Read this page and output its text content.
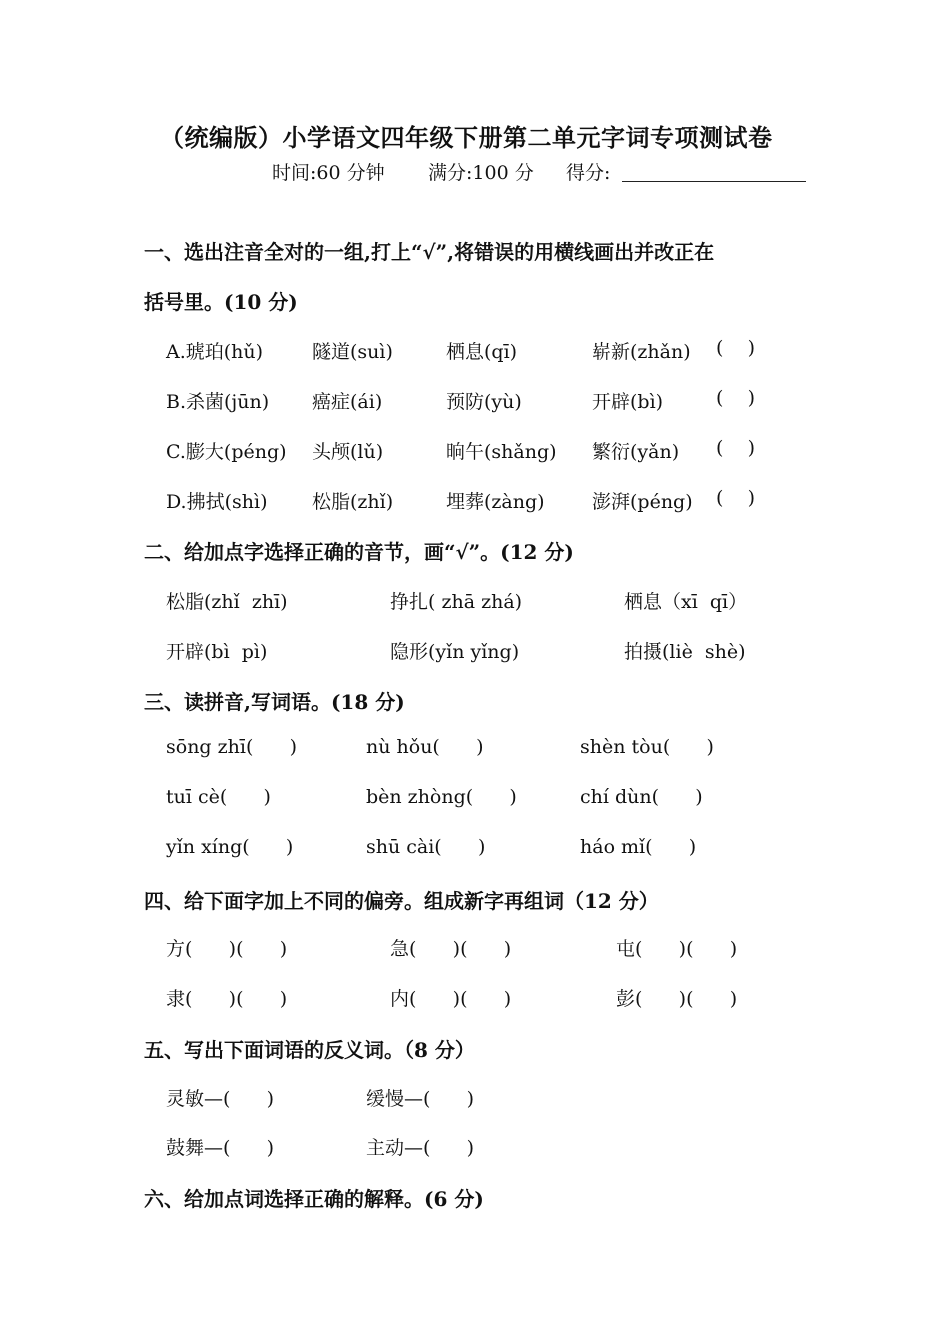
（统编版）小学语文四年级下册第二单元字词专项测试卷
时间:60 分钟 满分:100 分 得分:
一、选出注音全对的一组,打上“√”,将错误的用横线画出并改正在
括号里。(10 分)
A.琥珀(hǔ)	隧道(suì)	栖息(qī)	崭新(zhǎn) (    )
B.杀菌(jūn) 癌症(ái)	预防(yù)	开辟(bì)	(    )
C.膨大(péng) 头颅(lǔ)	晌午(shǎng) 繁衍(yǎn) (    )
D.拂拭(shì) 松脂(zhǐ)	埋葬(zàng) 澎湃(péng) (    )
二、给加点字选择正确的音节，画“√”。(12 分)
松脂(zhǐ  zhī)	挣扎( zhā zhá)	栖息（xī  qī）
开辟(bì  pì)	隐形(yǐn yǐng)	拍摄(liè  shè)
三、读拼音,写词语。(18 分)
sōng zhī(      )	nù hǒu(      )	shèn tòu(      )
tuī cè(      )	bèn zhòng(      )	chí dùn(      )
yǐn xíng(      )	shū cài(      )	háo mǐ(      )
四、给下面字加上不同的偏旁。组成新字再组词（12 分）
方(      )(      )	急(      )(      )	屯(      )(      )
隶(      )(      )	内(      )(      )	彭(      )(      )
五、写出下面词语的反义词。（8 分）
灵敏—(      )	缓慢—(      )
鼓舞—(      )	主动—(      )
六、给加点词选择正确的解释。(6 分)
